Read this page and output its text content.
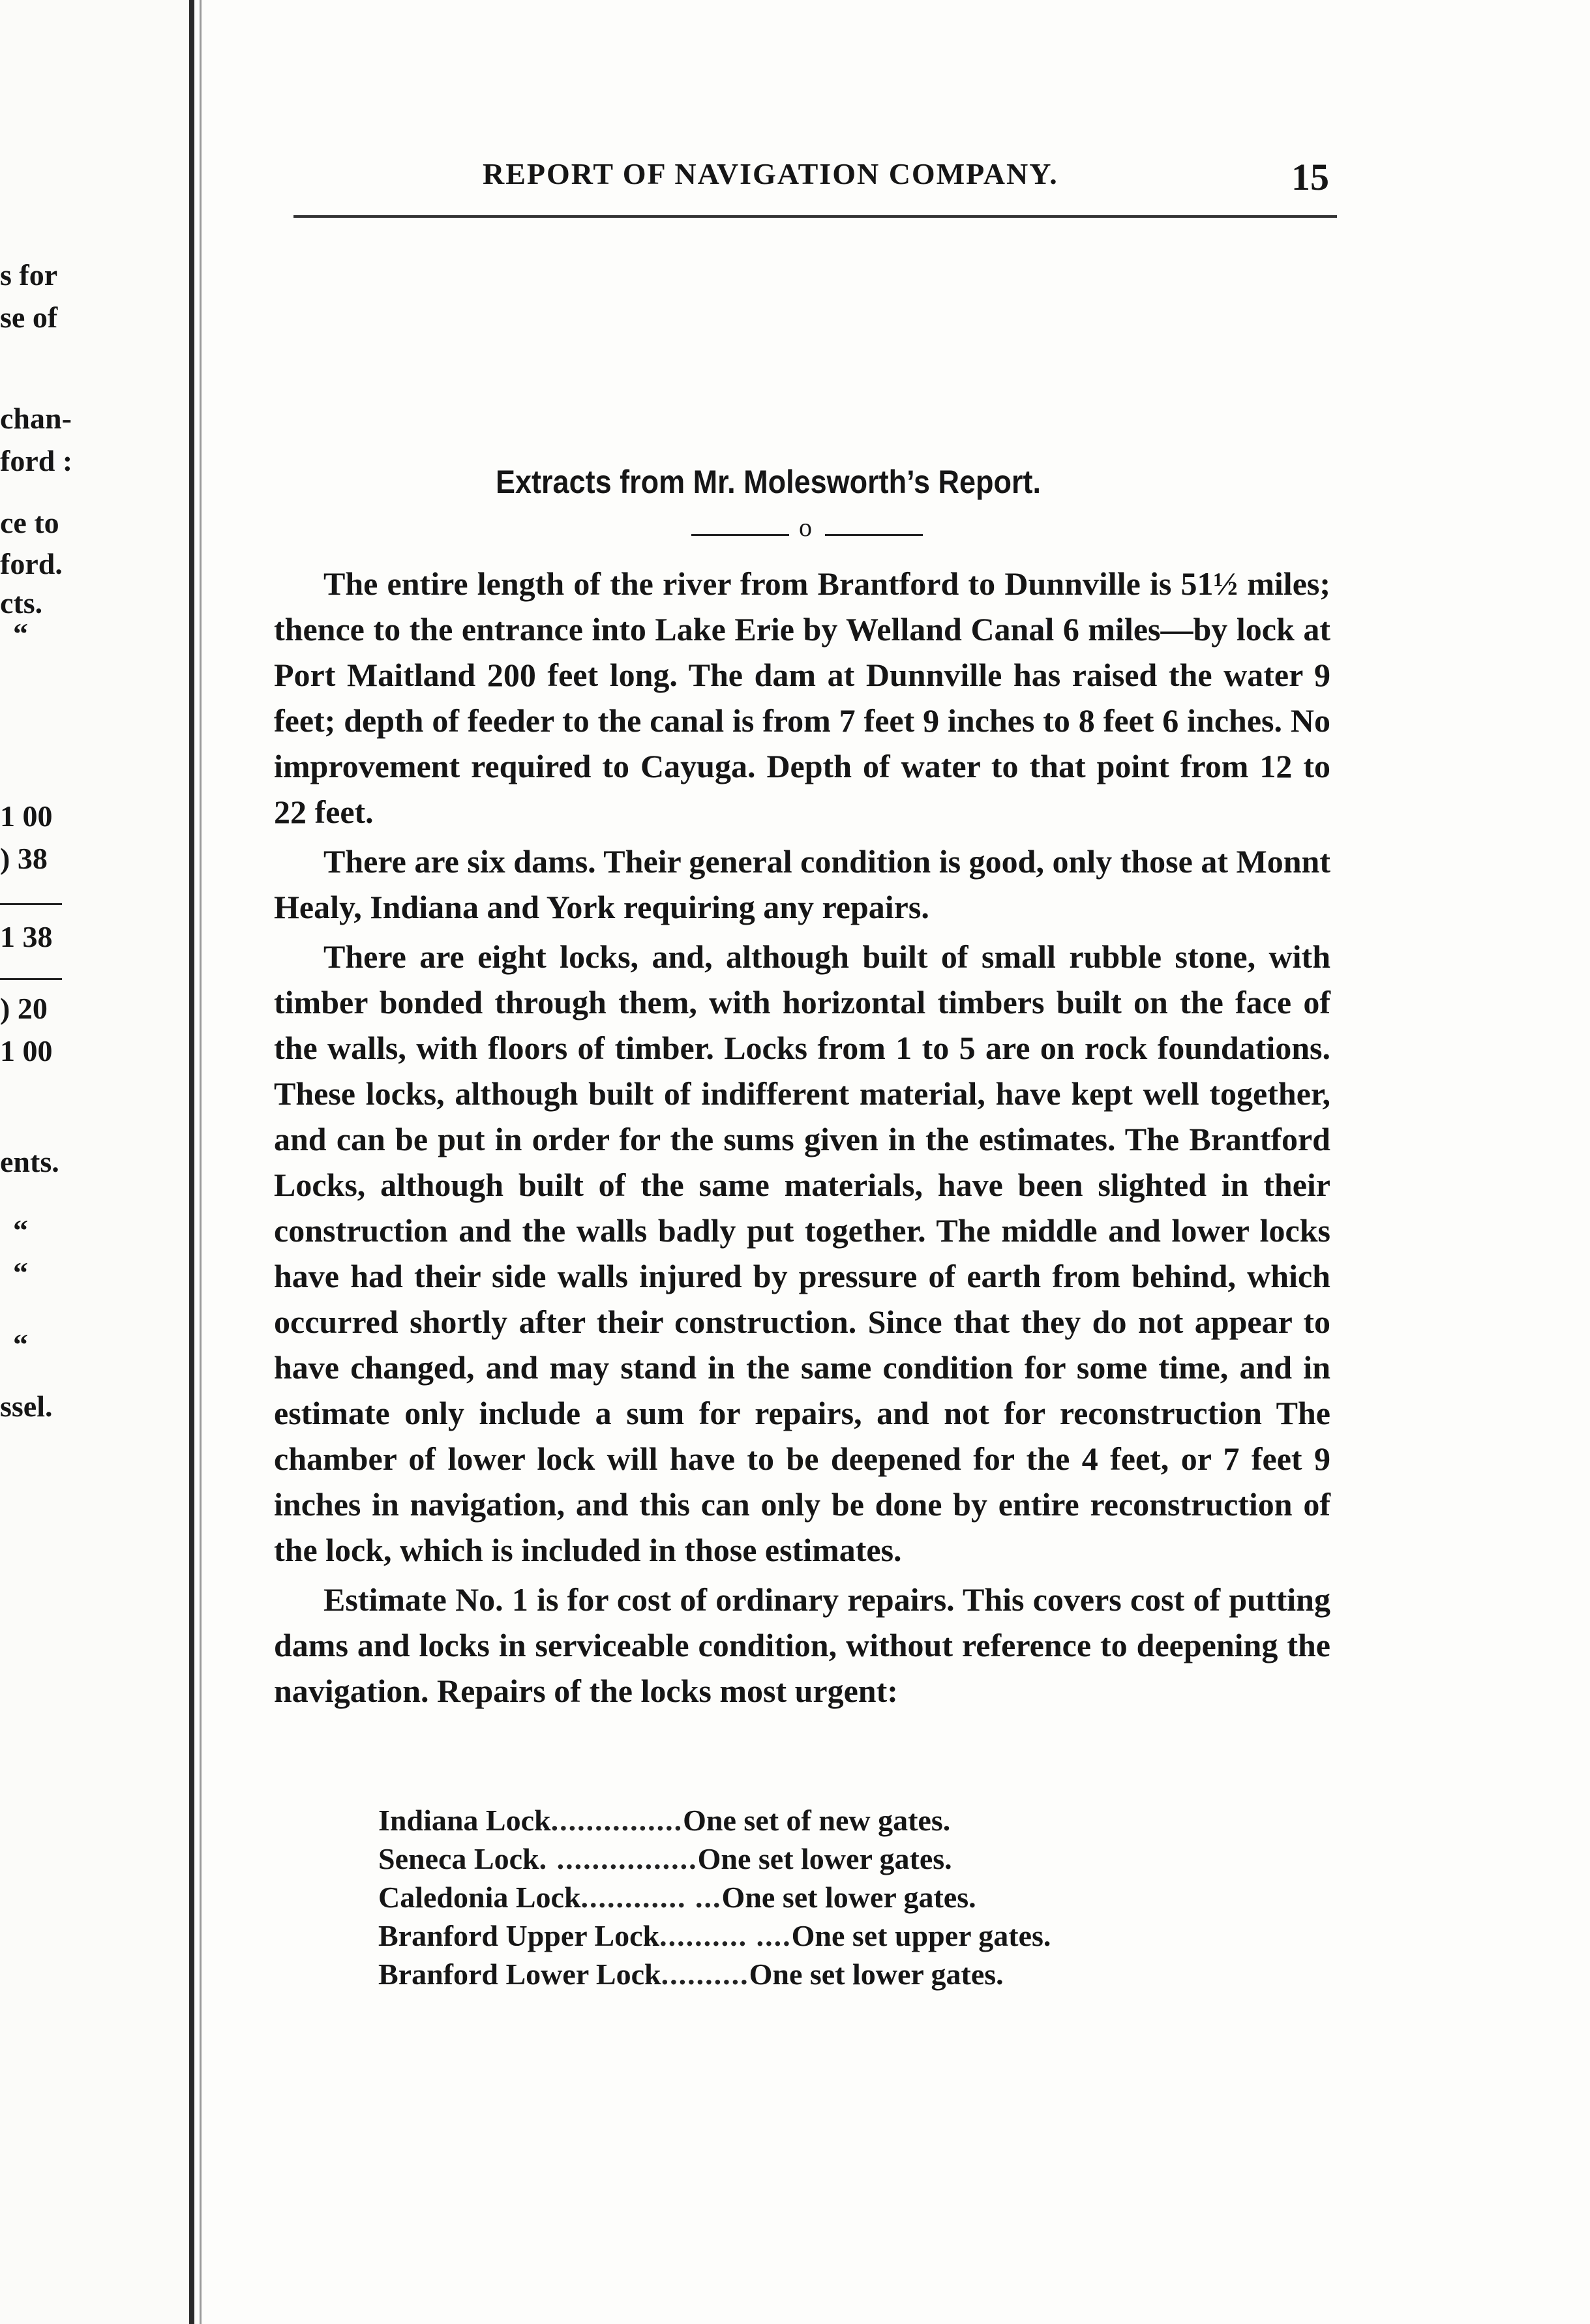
s for
se of
chan-
ford :
ce to
ford.
cts.
“
1 00
) 38
1 38
) 20
1 00
ents.
“
“
“
ssel.
REPORT OF NAVIGATION COMPANY.	15
Extracts from Mr. Molesworth’s Report.
o

The entire length of the river from Brantford to Dunnville is 51½ miles; thence to the entrance into Lake Erie by Welland Canal 6 miles—by lock at Port Maitland 200 feet long. The dam at Dunnville has raised the water 9 feet; depth of feeder to the canal is from 7 feet 9 inches to 8 feet 6 inches. No improvement required to Cayuga. Depth of water to that point from 12 to 22 feet.

There are six dams. Their general condition is good, only those at Monnt Healy, Indiana and York requiring any repairs.

There are eight locks, and, although built of small rubble stone, with timber bonded through them, with horizontal timbers built on the face of the walls, with floors of timber. Locks from 1 to 5 are on rock foundations. These locks, although built of indifferent material, have kept well together, and can be put in order for the sums given in the estimates. The Brantford Locks, although built of the same materials, have been slighted in their construction and the walls badly put together. The middle and lower locks have had their side walls injured by pressure of earth from behind, which occurred shortly after their construction. Since that they do not appear to have changed, and may stand in the same condition for some time, and in estimate only include a sum for repairs, and not for reconstruction The chamber of lower lock will have to be deepened for the 4 feet, or 7 feet 9 inches in navigation, and this can only be done by entire reconstruction of the lock, which is included in those estimates.

Estimate No. 1 is for cost of ordinary repairs. This covers cost of putting dams and locks in serviceable condition, without reference to deepening the navigation. Repairs of the locks most urgent:

Indiana Lock ............... One set of new gates.
Seneca Lock . ................ One set lower gates.
Caledonia Lock ............ ... One set lower gates.
Branford Upper Lock .......... .... One set upper gates.
Branford Lower Lock .......... One set lower gates.
